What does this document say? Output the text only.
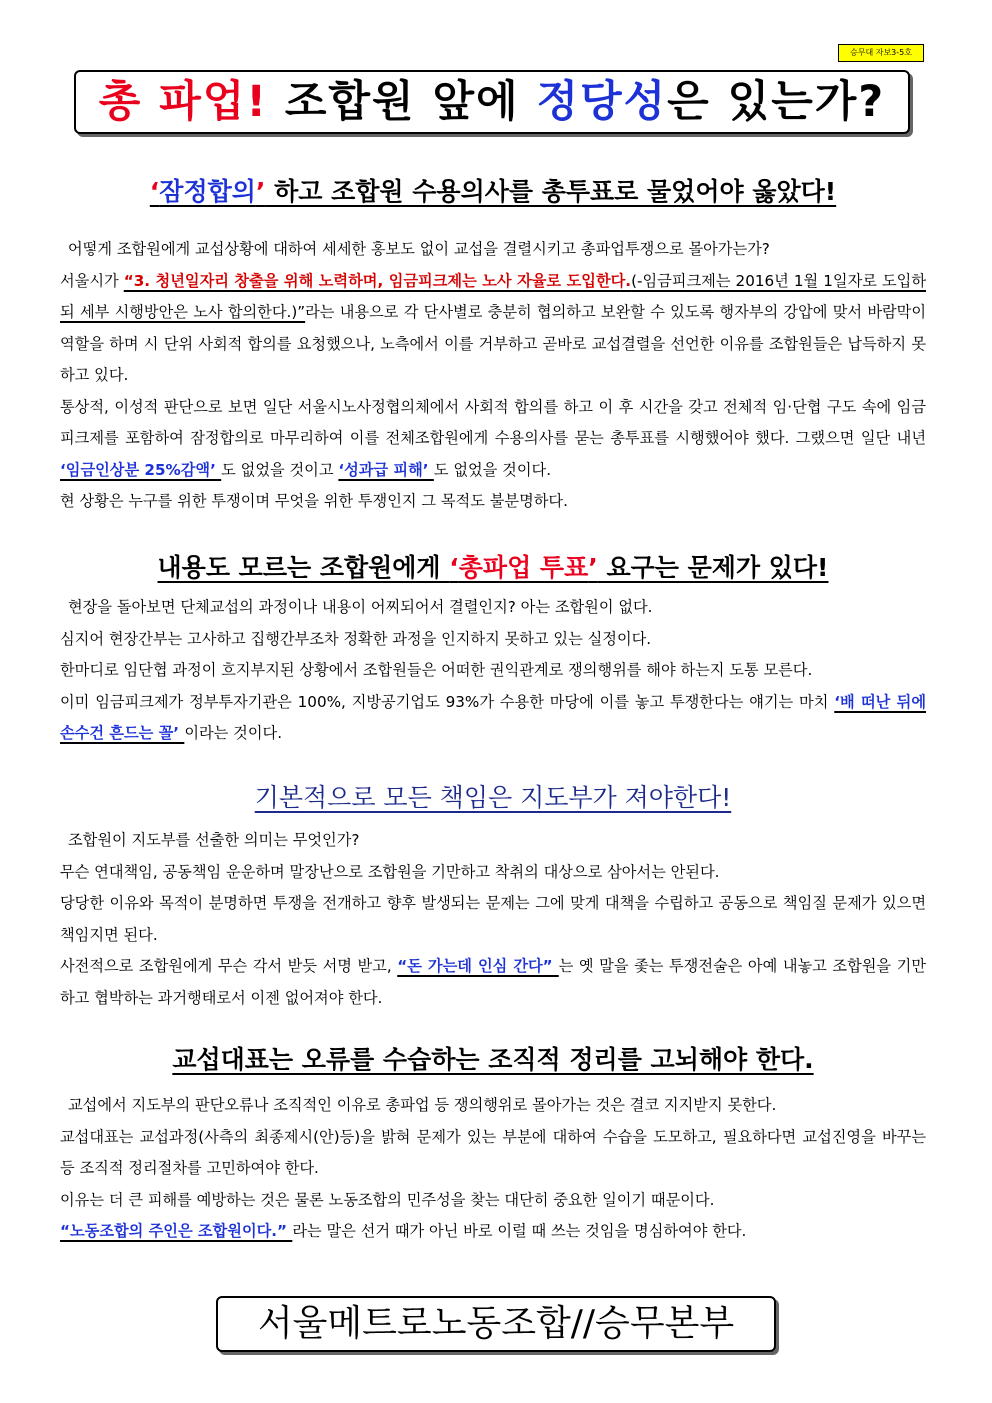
승무대 자보3-5호
총 파업! 조합원 앞에 정당성은 있는가?
‘잠정합의’ 하고 조합원 수용의사를 총투표로 물었어야 옳았다!

어떻게 조합원에게 교섭상황에 대하여 세세한 홍보도 없이 교섭을 결렬시키고 총파업투쟁으로 몰아가는가?

서울시가 “3. 청년일자리 창출을 위해 노력하며, 임금피크제는 노사 자율로 도입한다.(-임금피크제는 2016년 1월 1일자로 도입하되 세부 시행방안은 노사 합의한다.)”라는 내용으로 각 단사별로 충분히 협의하고 보완할 수 있도록 행자부의 강압에 맞서 바람막이 역할을 하며 시 단위 사회적 합의를 요청했으나, 노측에서 이를 거부하고 곧바로 교섭결렬을 선언한 이유를 조합원들은 납득하지 못하고 있다.

통상적, 이성적 판단으로 보면 일단 서울시노사정협의체에서 사회적 합의를 하고 이 후 시간을 갖고 전체적 임·단협 구도 속에 임금피크제를 포함하여 잠정합의로 마무리하여 이를 전체조합원에게 수용의사를 묻는 총투표를 시행했어야 했다. 그랬으면 일단 내년 ‘임금인상분 25%감액’ 도 없었을 것이고 ‘성과급 피해’ 도 없었을 것이다.

현 상황은 누구를 위한 투쟁이며 무엇을 위한 투쟁인지 그 목적도 불분명하다.

내용도 모르는 조합원에게 ‘총파업 투표’ 요구는 문제가 있다!

현장을 돌아보면 단체교섭의 과정이나 내용이 어찌되어서 결렬인지? 아는 조합원이 없다.

심지어 현장간부는 고사하고 집행간부조차 정확한 과정을 인지하지 못하고 있는 실정이다.

한마디로 임단협 과정이 흐지부지된 상황에서 조합원들은 어떠한 권익관계로 쟁의행위를 해야 하는지 도통 모른다.

이미 임금피크제가 정부투자기관은 100%, 지방공기업도 93%가 수용한 마당에 이를 놓고 투쟁한다는 얘기는 마치 ‘배 떠난 뒤에 손수건 흔드는 꼴’ 이라는 것이다.

기본적으로 모든 책임은 지도부가 져야한다!

조합원이 지도부를 선출한 의미는 무엇인가?

무슨 연대책임, 공동책임 운운하며 말장난으로 조합원을 기만하고 착취의 대상으로 삼아서는 안된다.

당당한 이유와 목적이 분명하면 투쟁을 전개하고 향후 발생되는 문제는 그에 맞게 대책을 수립하고 공동으로 책임질 문제가 있으면 책임지면 된다.

사전적으로 조합원에게 무슨 각서 받듯 서명 받고, “돈 가는데 인심 간다” 는 옛 말을 좇는 투쟁전술은 아예 내놓고 조합원을 기만하고 협박하는 과거행태로서 이젠 없어져야 한다.

교섭대표는 오류를 수습하는 조직적 정리를 고뇌해야 한다.

교섭에서 지도부의 판단오류나 조직적인 이유로 총파업 등 쟁의행위로 몰아가는 것은 결코 지지받지 못한다.

교섭대표는 교섭과정(사측의 최종제시(안)등)을 밝혀 문제가 있는 부분에 대하여 수습을 도모하고, 필요하다면 교섭진영을 바꾸는 등 조직적 정리절차를 고민하여야 한다.

이유는 더 큰 피해를 예방하는 것은 물론 노동조합의 민주성을 찾는 대단히 중요한 일이기 때문이다.

“노동조합의 주인은 조합원이다.” 라는 말은 선거 때가 아닌 바로 이럴 때 쓰는 것임을 명심하여야 한다.

서울메트로노동조합//승무본부
